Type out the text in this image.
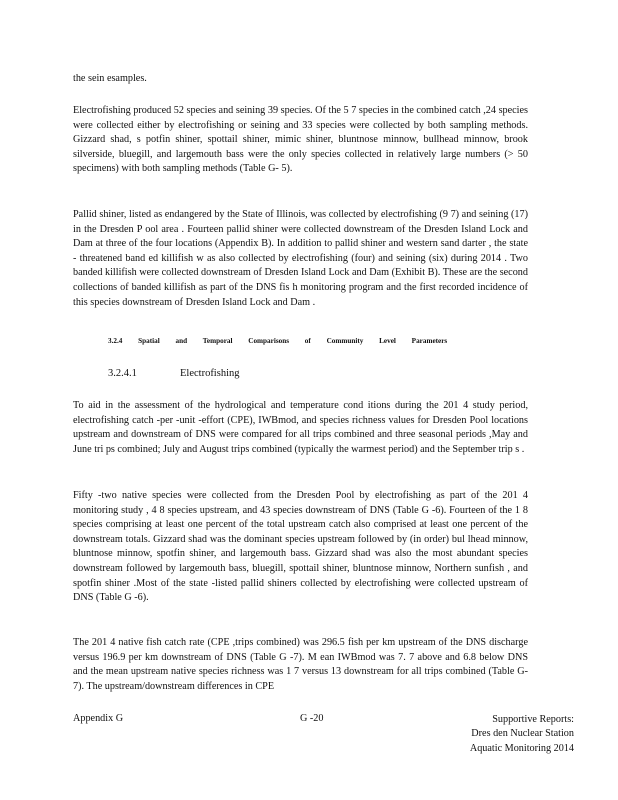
the sein esamples.

Electrofishing produced 52 species and seining 39 species. Of the 5 7 species in the combined catch ,24 species were collected either by electrofishing or seining and 33 species were collected by both sampling methods. Gizzard shad, s potfin shiner, spottail shiner, mimic shiner, bluntnose minnow, bullhead minnow, brook silverside, bluegill, and largemouth bass were the only species collected in relatively large numbers (> 50 specimens) with both sampling methods (Table G- 5).

Pallid shiner, listed as endangered by the State of Illinois, was collected by electrofishing (9 7) and seining (17) in the Dresden P ool area . Fourteen pallid shiner were collected downstream of the Dresden Island Lock and Dam at three of the four locations (Appendix B). In addition to pallid shiner and western sand darter , the state - threatened band ed killifish w as also collected by electrofishing (four) and seining (six) during 2014 . Two banded killifish were collected downstream of Dresden Island Lock and Dam (Exhibit B). These are the second collections of banded killifish as part of the DNS fis h monitoring program and the first recorded incidence of this species downstream of Dresden Island Lock and Dam .

3.2.4 Spatial and Temporal Comparisons of Community Level Parameters
3.2.4.1	Electrofishing

To aid in the assessment of the hydrological and temperature cond itions during the 201 4 study period, electrofishing catch -per -unit -effort (CPE), IWBmod, and species richness values for Dresden Pool locations upstream and downstream of DNS were compared for all trips combined and three seasonal periods ,May and June tri ps combined; July and August trips combined (typically the warmest period) and the September trip s .

Fifty -two native species were collected from the Dresden Pool by electrofishing as part of the 201 4 monitoring study , 4 8 species upstream, and 43 species downstream of DNS (Table G -6). Fourteen of the 1 8 species comprising at least one percent of the total upstream catch also comprised at least one percent of the downstream totals. Gizzard shad was the dominant species upstream followed by (in order) bul lhead minnow, bluntnose minnow, spotfin shiner, and largemouth bass. Gizzard shad was also the most abundant species downstream followed by largemouth bass, bluegill, spottail shiner, bluntnose minnow, Northern sunfish , and spotfin shiner .Most of the state -listed pallid shiners collected by electrofishing were collected upstream of DNS (Table G -6).

The 201 4 native fish catch rate (CPE ,trips combined) was 296.5 fish per km upstream of the DNS discharge versus 196.9 per km downstream of DNS (Table G -7). M ean IWBmod was 7. 7 above and 6.8 below DNS and the mean upstream native species richness was 1 7 versus 13 downstream for all trips combined (Table G-7). The upstream/downstream differences in CPE

Appendix G	G -20	Supportive Reports:
Dres den Nuclear Station
Aquatic Monitoring 2014
